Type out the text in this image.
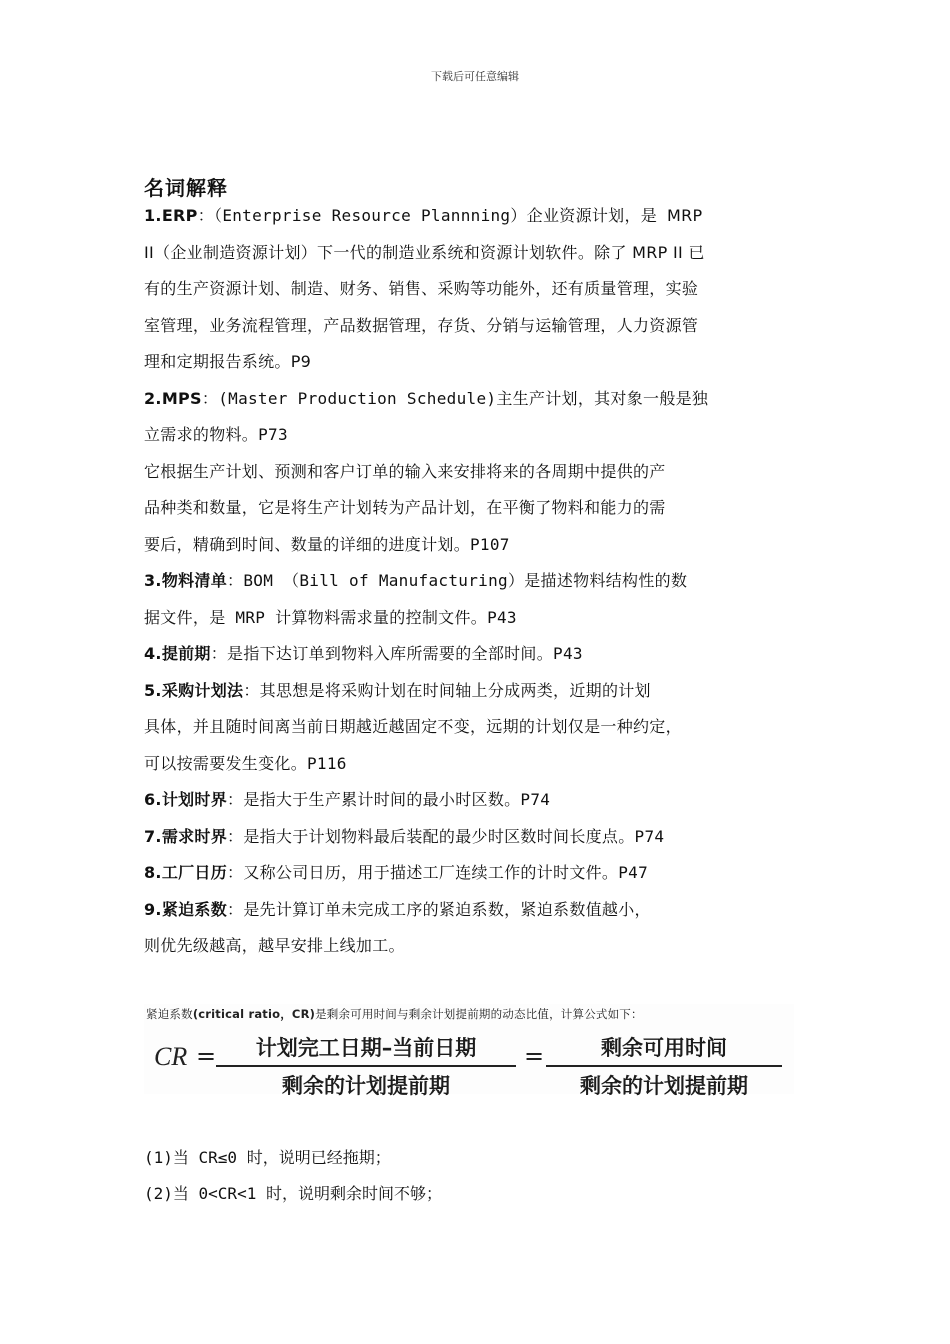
下载后可任意编辑
名词解释
1.ERP：（Enterprise Resource Plannning）企业资源计划，是 MRP
II（企业制造资源计划）下一代的制造业系统和资源计划软件。除了 MRP II 已
有的生产资源计划、制造、财务、销售、采购等功能外，还有质量管理，实验
室管理，业务流程管理，产品数据管理，存货、分销与运输管理，人力资源管
理和定期报告系统。P9
2.MPS：(Master Production Schedule)主生产计划，其对象一般是独
立需求的物料。P73
它根据生产计划、预测和客户订单的输入来安排将来的各周期中提供的产
品种类和数量，它是将生产计划转为产品计划，在平衡了物料和能力的需
要后，精确到时间、数量的详细的进度计划。P107
3.物料清单：BOM （Bill of Manufacturing）是描述物料结构性的数
据文件，是 MRP 计算物料需求量的控制文件。P43
4.提前期：是指下达订单到物料入库所需要的全部时间。P43
5.采购计划法：其思想是将采购计划在时间轴上分成两类，近期的计划
具体，并且随时间离当前日期越近越固定不变，远期的计划仅是一种约定，
可以按需要发生变化。P116
6.计划时界：是指大于生产累计时间的最小时区数。P74
7.需求时界：是指大于计划物料最后装配的最少时区数时间长度点。P74
8.工厂日历：又称公司日历，用于描述工厂连续工作的计时文件。P47
9.紧迫系数：是先计算订单未完成工序的紧迫系数，紧迫系数值越小，
则优先级越高，越早安排上线加工。
紧迫系数(critical ratio，CR)是剩余可用时间与剩余计划提前期的动态比值，计算公式如下：
CR =	计划完工日期–当前日期
剩余的计划提前期
=	剩余可用时间
剩余的计划提前期
(1)当 CR≤0 时，说明已经拖期；
(2)当 0<CR<1 时，说明剩余时间不够；
